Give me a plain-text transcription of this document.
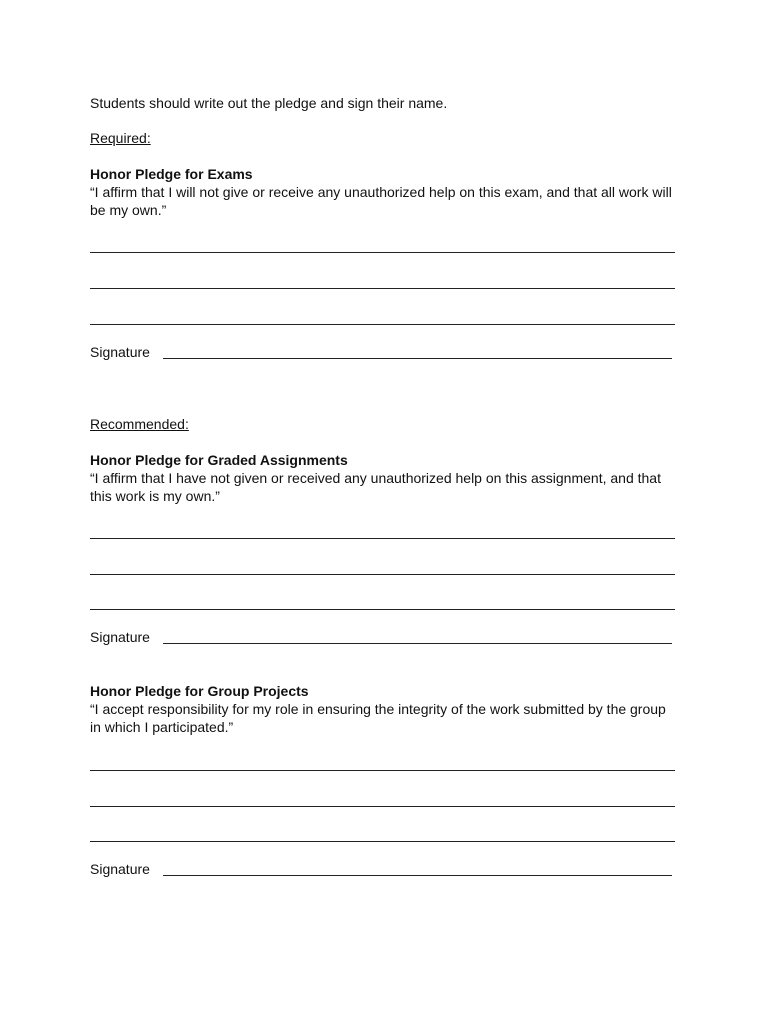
Students should write out the pledge and sign their name.
Required:
Honor Pledge for Exams
“I affirm that I will not give or receive any unauthorized help on this exam, and that all work will be my own.”
Signature
Recommended:
Honor Pledge for Graded Assignments
“I affirm that I have not given or received any unauthorized help on this assignment, and that this work is my own.”
Signature
Honor Pledge for Group Projects
“I accept responsibility for my role in ensuring the integrity of the work submitted by the group in which I participated.”
Signature
